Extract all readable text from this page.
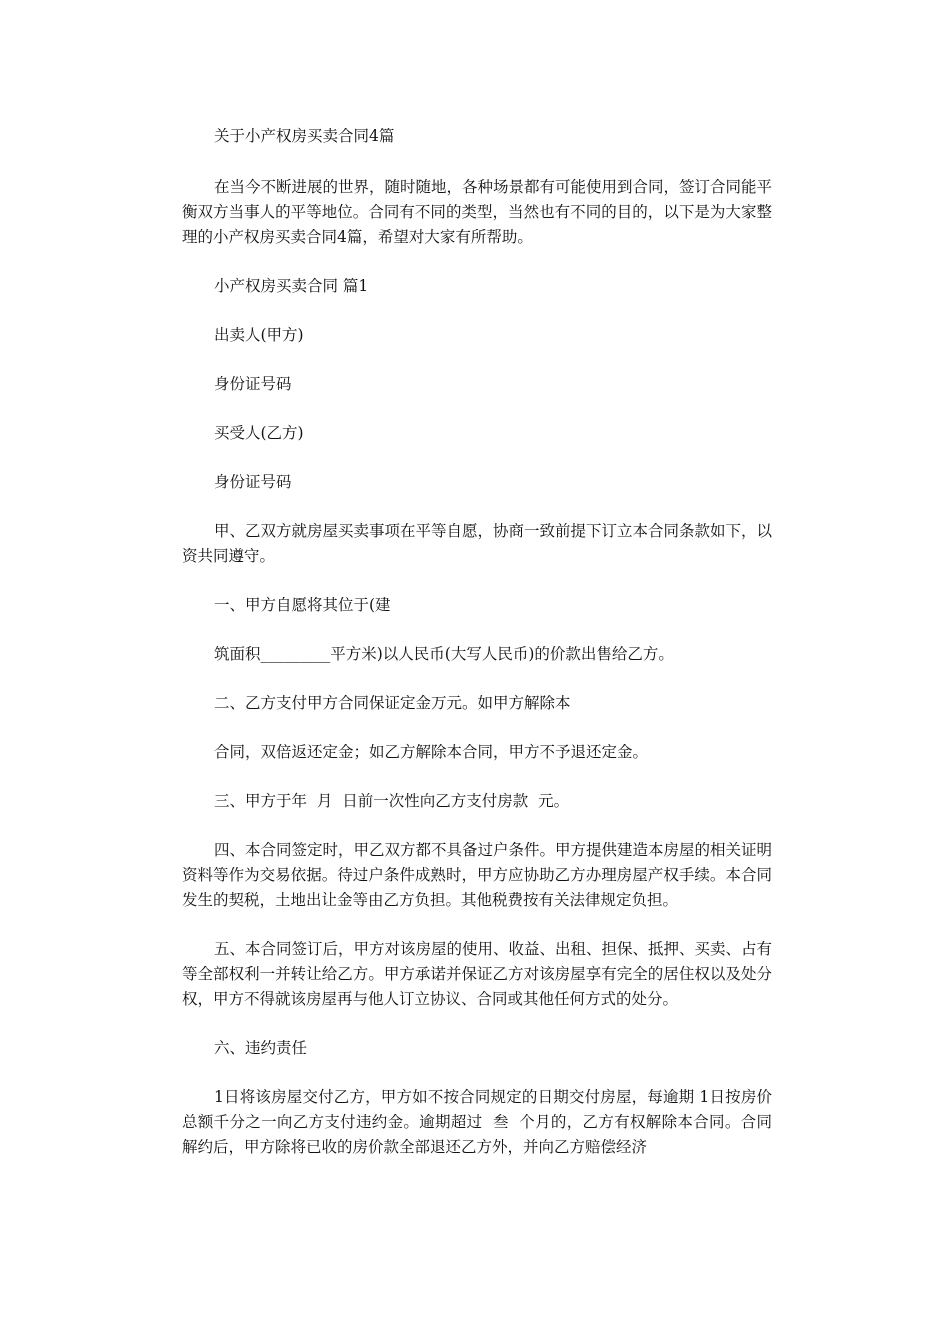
关于小产权房买卖合同4篇

在当今不断进展的世界，随时随地，各种场景都有可能使用到合同，签订合同能平衡双方当事人的平等地位。合同有不同的类型，当然也有不同的目的，以下是为大家整理的小产权房买卖合同4篇，希望对大家有所帮助。

小产权房买卖合同 篇1

出卖人(甲方)

身份证号码

买受人(乙方)

身份证号码

甲、乙双方就房屋买卖事项在平等自愿，协商一致前提下订立本合同条款如下，以资共同遵守。

一、甲方自愿将其位于(建

筑面积_________平方米)以人民币(大写人民币)的价款出售给乙方。

二、乙方支付甲方合同保证定金万元。如甲方解除本

合同，双倍返还定金；如乙方解除本合同，甲方不予退还定金。

三、甲方于年  月  日前一次性向乙方支付房款  元。

四、本合同签定时，甲乙双方都不具备过户条件。甲方提供建造本房屋的相关证明资料等作为交易依据。待过户条件成熟时，甲方应协助乙方办理房屋产权手续。本合同发生的契税，土地出让金等由乙方负担。其他税费按有关法律规定负担。

五、本合同签订后，甲方对该房屋的使用、收益、出租、担保、抵押、买卖、占有等全部权利一并转让给乙方。甲方承诺并保证乙方对该房屋享有完全的居住权以及处分权，甲方不得就该房屋再与他人订立协议、合同或其他任何方式的处分。

六、违约责任

1日将该房屋交付乙方，甲方如不按合同规定的日期交付房屋，每逾期 1日按房价总额千分之一向乙方支付违约金。逾期超过  叁  个月的，乙方有权解除本合同。合同解约后，甲方除将已收的房价款全部退还乙方外，并向乙方赔偿经济
